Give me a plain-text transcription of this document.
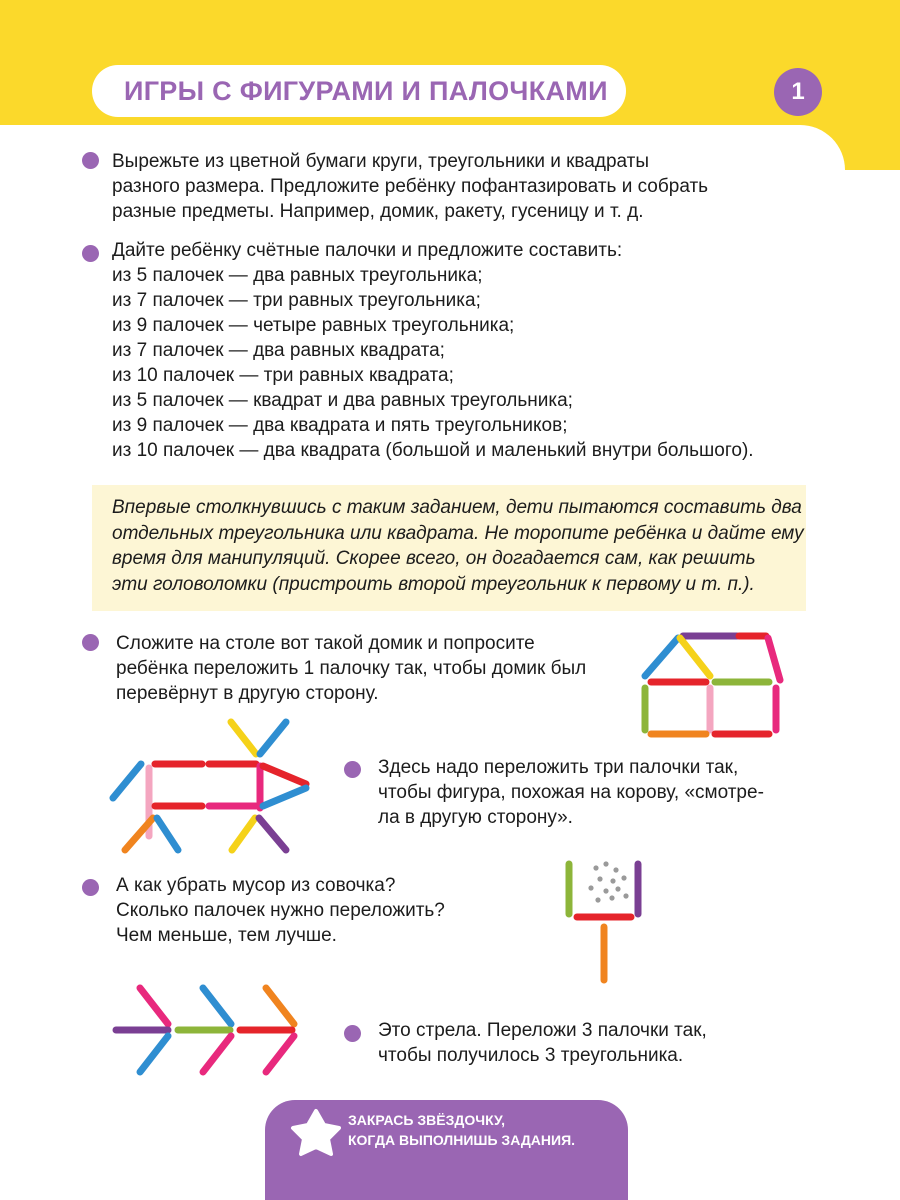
ИГРЫ С ФИГУРАМИ И ПАЛОЧКАМИ	1
Вырежьте из цветной бумаги круги, треугольники и квадраты
разного размера. Предложите ребёнку пофантазировать и собрать
разные предметы. Например, домик, ракету, гусеницу и т. д.
Дайте ребёнку счётные палочки и предложите составить:
из 5 палочек — два равных треугольника;
из 7 палочек — три равных треугольника;
из 9 палочек — четыре равных треугольника;
из 7 палочек — два равных квадрата;
из 10 палочек — три равных квадрата;
из 5 палочек — квадрат и два равных треугольника;
из 9 палочек — два квадрата и пять треугольников;
из 10 палочек — два квадрата (большой и маленький внутри большого).
Впервые столкнувшись с таким заданием, дети пытаются составить два
отдельных треугольника или квадрата. Не торопите ребёнка и дайте ему
время для манипуляций. Скорее всего, он догадается сам, как решить
эти головоломки (пристроить второй треугольник к первому и т. п.).
Сложите на столе вот такой домик и попросите
ребёнка переложить 1 палочку так, чтобы домик был
перевёрнут в другую сторону.
Здесь надо переложить три палочки так,
чтобы фигура, похожая на корову, «смотре-
ла в другую сторону».
А как убрать мусор из совочка?
Сколько палочек нужно переложить?
Чем меньше, тем лучше.
Это стрела. Переложи 3 палочки так,
чтобы получилось 3 треугольника.
ЗАКРАСЬ ЗВЁЗДОЧКУ,
КОГДА ВЫПОЛНИШЬ ЗАДАНИЯ.
